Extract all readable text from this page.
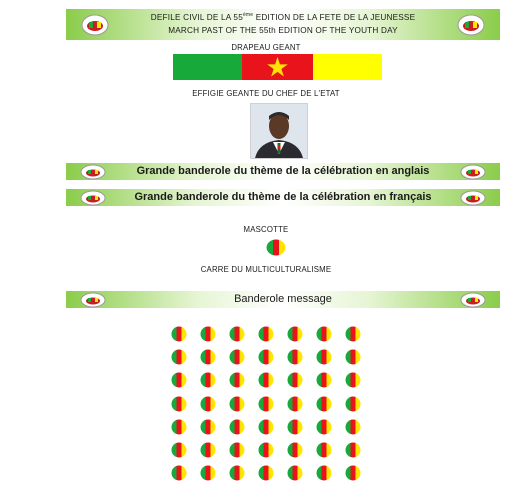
DEFILE CIVIL DE LA 55ème EDITION DE LA FETE DE LA JEUNESSE
MARCH PAST OF THE 55th EDITION OF THE YOUTH DAY
DRAPEAU GEANT
EFFIGIE GEANTE DU CHEF DE L'ETAT
Grande banderole du thème de la célébration en anglais
Grande banderole du thème de la célébration en français
MASCOTTE
CARRE DU MULTICULTURALISME
Banderole message
